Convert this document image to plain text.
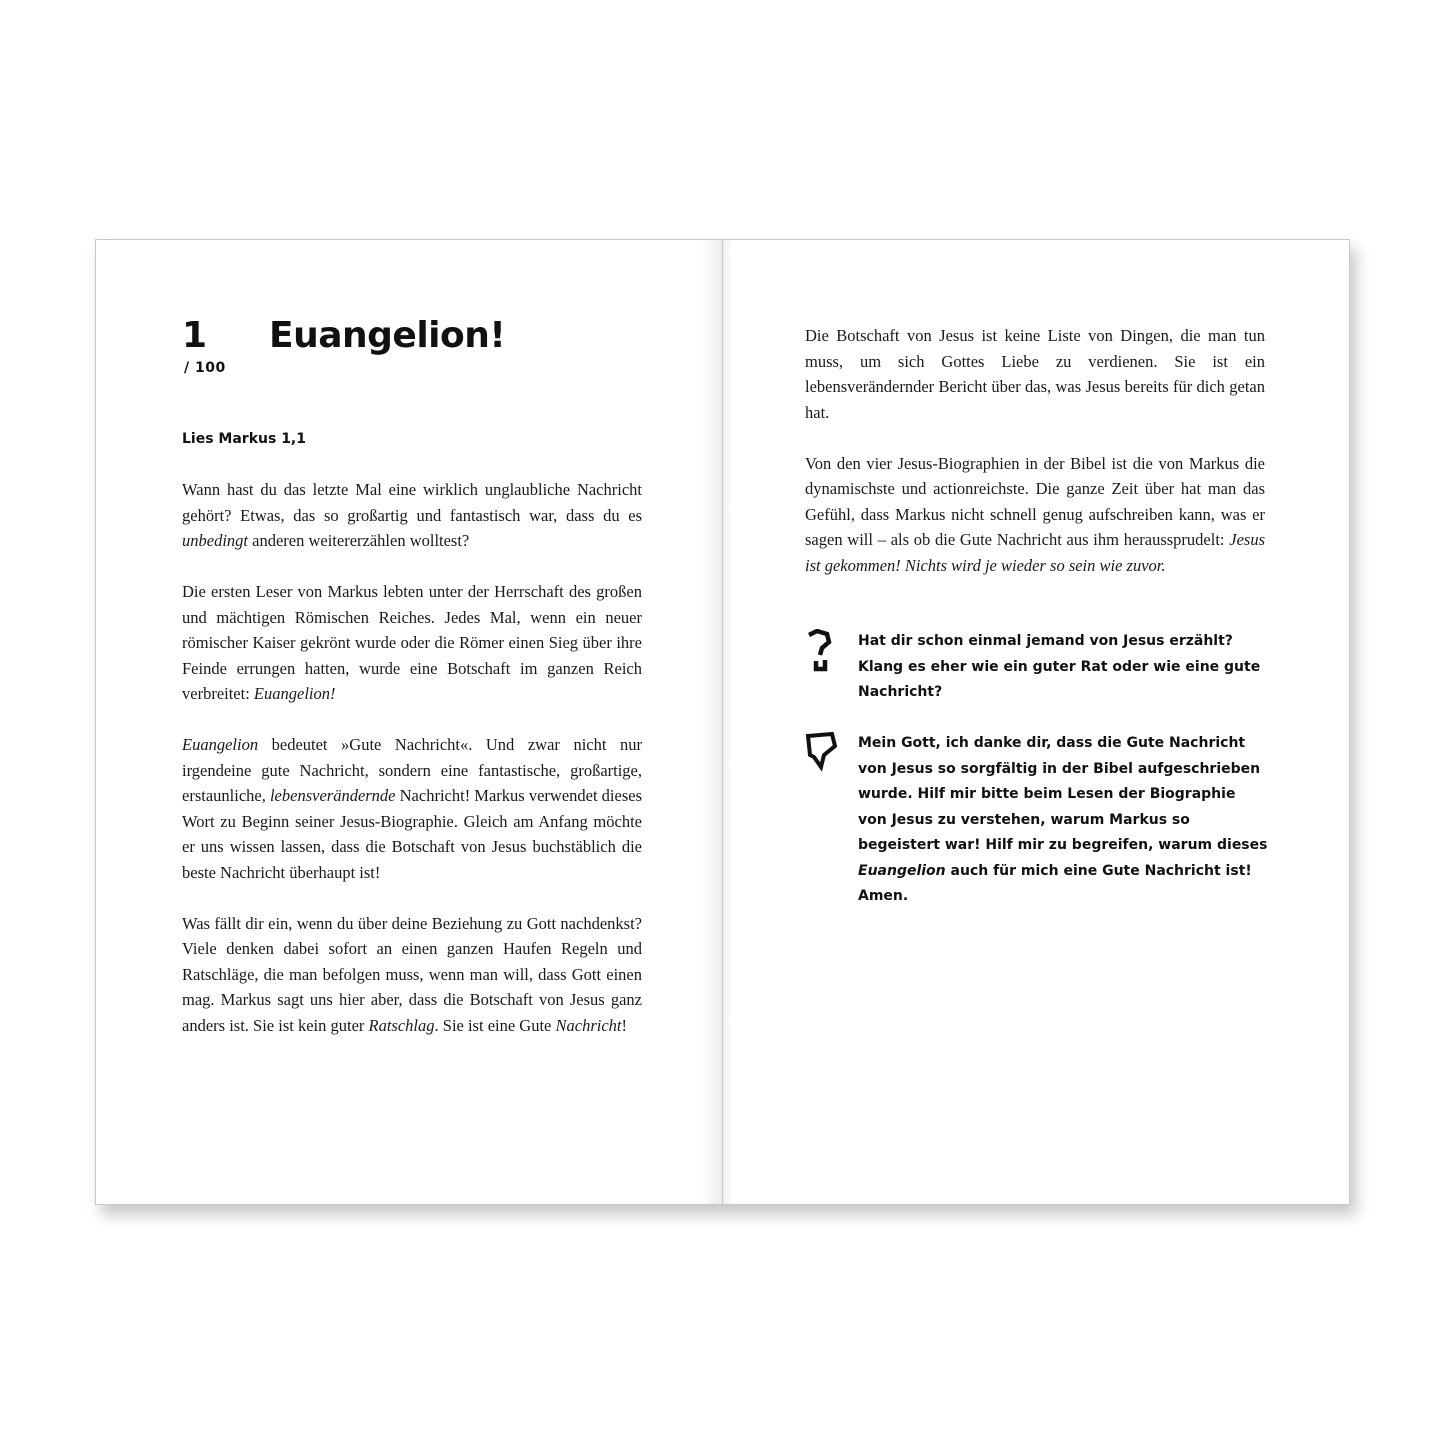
1
/ 100
Euangelion!
Lies Markus 1,1

Wann hast du das letzte Mal eine wirklich unglaubliche Nachricht gehört? Etwas, das so großartig und fantastisch war, dass du es unbedingt anderen weitererzählen wolltest?

Die ersten Leser von Markus lebten unter der Herrschaft des großen und mächtigen Römischen Reiches. Jedes Mal, wenn ein neuer römischer Kaiser gekrönt wurde oder die Römer einen Sieg über ihre Feinde errungen hatten, wurde eine Botschaft im ganzen Reich verbreitet: Euangelion!

Euangelion bedeutet »Gute Nachricht«. Und zwar nicht nur irgendeine gute Nachricht, sondern eine fantastische, großartige, erstaunliche, lebensverändernde Nachricht! Markus verwendet dieses Wort zu Beginn seiner Jesus-Biographie. Gleich am Anfang möchte er uns wissen lassen, dass die Botschaft von Jesus buchstäblich die beste Nachricht überhaupt ist!

Was fällt dir ein, wenn du über deine Beziehung zu Gott nachdenkst? Viele denken dabei sofort an einen ganzen Haufen Regeln und Ratschläge, die man befolgen muss, wenn man will, dass Gott einen mag. Markus sagt uns hier aber, dass die Botschaft von Jesus ganz anders ist. Sie ist kein guter Ratschlag. Sie ist eine Gute Nachricht!

Die Botschaft von Jesus ist keine Liste von Dingen, die man tun muss, um sich Gottes Liebe zu verdienen. Sie ist ein lebensverändernder Bericht über das, was Jesus bereits für dich getan hat.

Von den vier Jesus-Biographien in der Bibel ist die von Markus die dynamischste und actionreichste. Die ganze Zeit über hat man das Gefühl, dass Markus nicht schnell genug aufschreiben kann, was er sagen will – als ob die Gute Nachricht aus ihm heraussprudelt: Jesus ist gekommen! Nichts wird je wieder so sein wie zuvor.

Hat dir schon einmal jemand von Jesus erzählt? Klang es eher wie ein guter Rat oder wie eine gute Nachricht?
Mein Gott, ich danke dir, dass die Gute Nachricht von Jesus so sorgfältig in der Bibel aufgeschrieben wurde. Hilf mir bitte beim Lesen der Biographie von Jesus zu verstehen, warum Markus so begeistert war! Hilf mir zu begreifen, warum dieses Euangelion auch für mich eine Gute Nachricht ist! Amen.
